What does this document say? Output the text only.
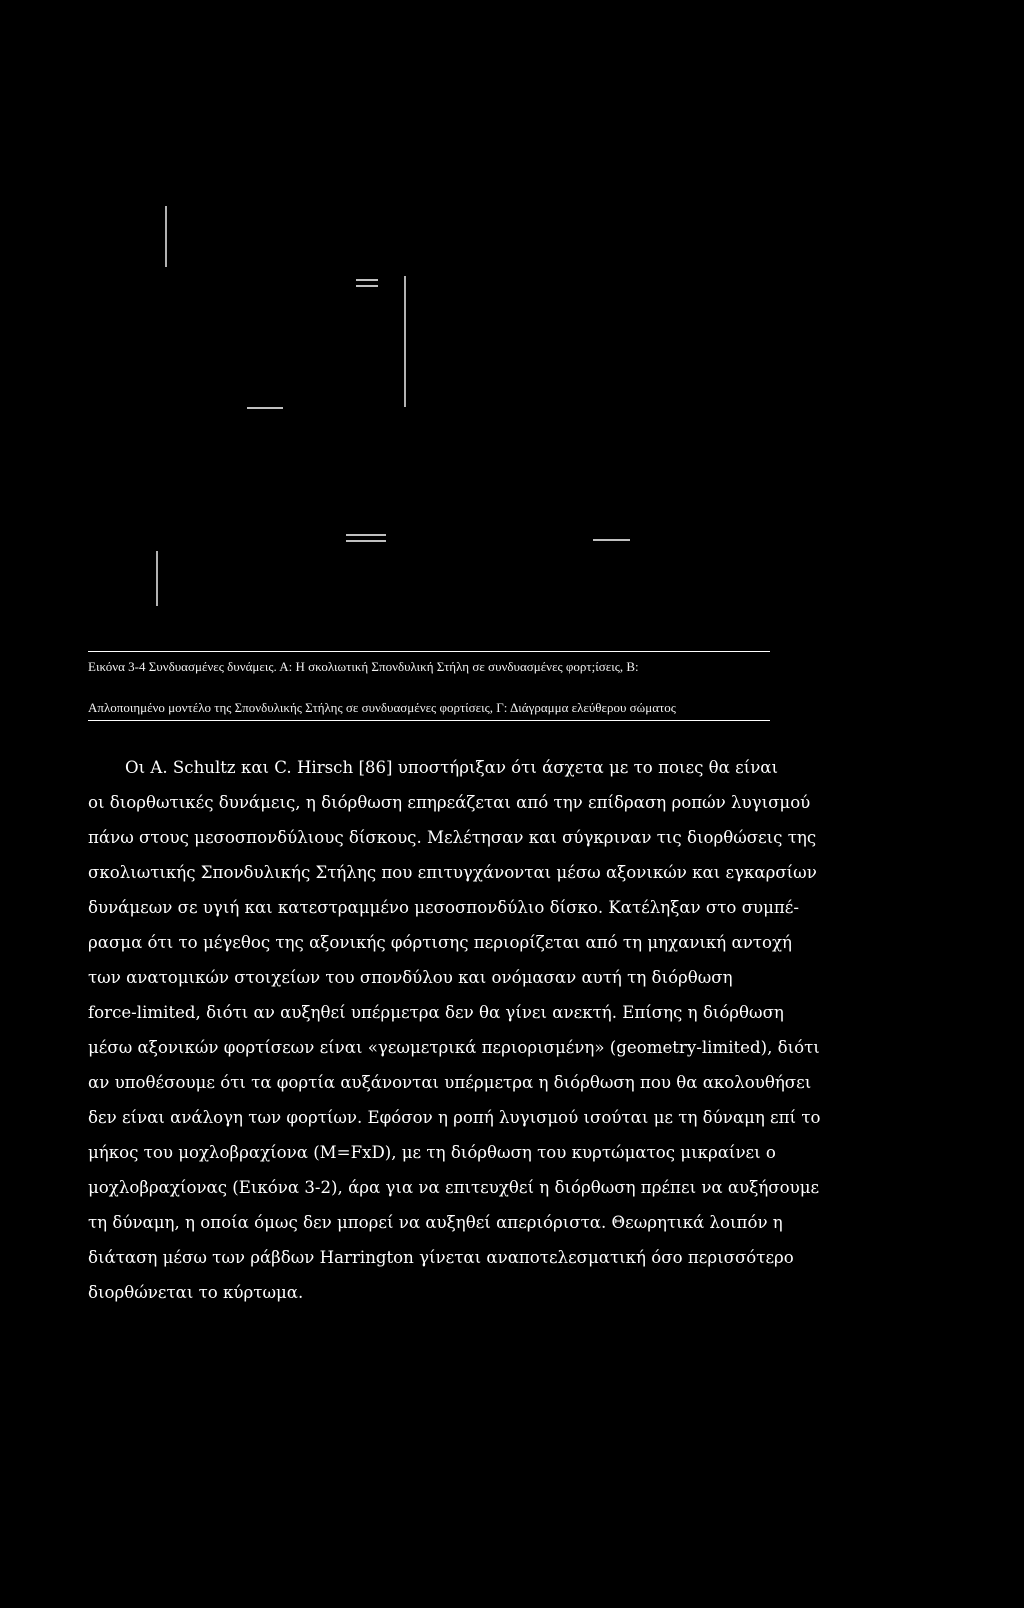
Εικόνα 3-4 Συνδυασμένες δυνάμεις. Α: Η σκολιωτική Σπονδυλική Στήλη σε συνδυασμένες φορτ;ίσεις, Β:
Απλοποιημένο μοντέλο της Σπονδυλικής Στήλης σε συνδυασμένες φορτίσεις, Γ: Διάγραμμα ελεύθερου σώματος
Οι Α. Schultz και C. Hirsch [86] υποστήριξαν ότι άσχετα με το ποιες θα είναι
οι διορθωτικές δυνάμεις, η διόρθωση επηρεάζεται από την επίδραση ροπών λυγισμού
πάνω στους μεσοσπονδύλιους δίσκους. Μελέτησαν και σύγκριναν τις διορθώσεις της
σκολιωτικής Σπονδυλικής Στήλης που επιτυγχάνονται μέσω αξονικών και εγκαρσίων
δυνάμεων σε υγιή και κατεστραμμένο μεσοσπονδύλιο δίσκο. Κατέληξαν στο συμπέ-
ρασμα ότι το μέγεθος της αξονικής φόρτισης περιορίζεται από τη μηχανική αντοχή
των ανατομικών στοιχείων του σπονδύλου και ονόμασαν αυτή τη διόρθωση
force-limited, διότι αν αυξηθεί υπέρμετρα δεν θα γίνει ανεκτή. Επίσης η διόρθωση
μέσω αξονικών φορτίσεων είναι «γεωμετρικά περιορισμένη» (geometry-limited), διότι
αν υποθέσουμε ότι τα φορτία αυξάνονται υπέρμετρα η διόρθωση που θα ακολουθήσει
δεν είναι ανάλογη των φορτίων. Εφόσον η ροπή λυγισμού ισούται με τη δύναμη επί το
μήκος του μοχλοβραχίονα (M=FxD), με τη διόρθωση του κυρτώματος μικραίνει ο
μοχλοβραχίονας (Εικόνα 3-2), άρα για να επιτευχθεί η διόρθωση πρέπει να αυξήσουμε
τη δύναμη, η οποία όμως δεν μπορεί να αυξηθεί απεριόριστα. Θεωρητικά λοιπόν η
διάταση μέσω των ράβδων Harrington γίνεται αναποτελεσματική όσο περισσότερο
διορθώνεται το κύρτωμα.
